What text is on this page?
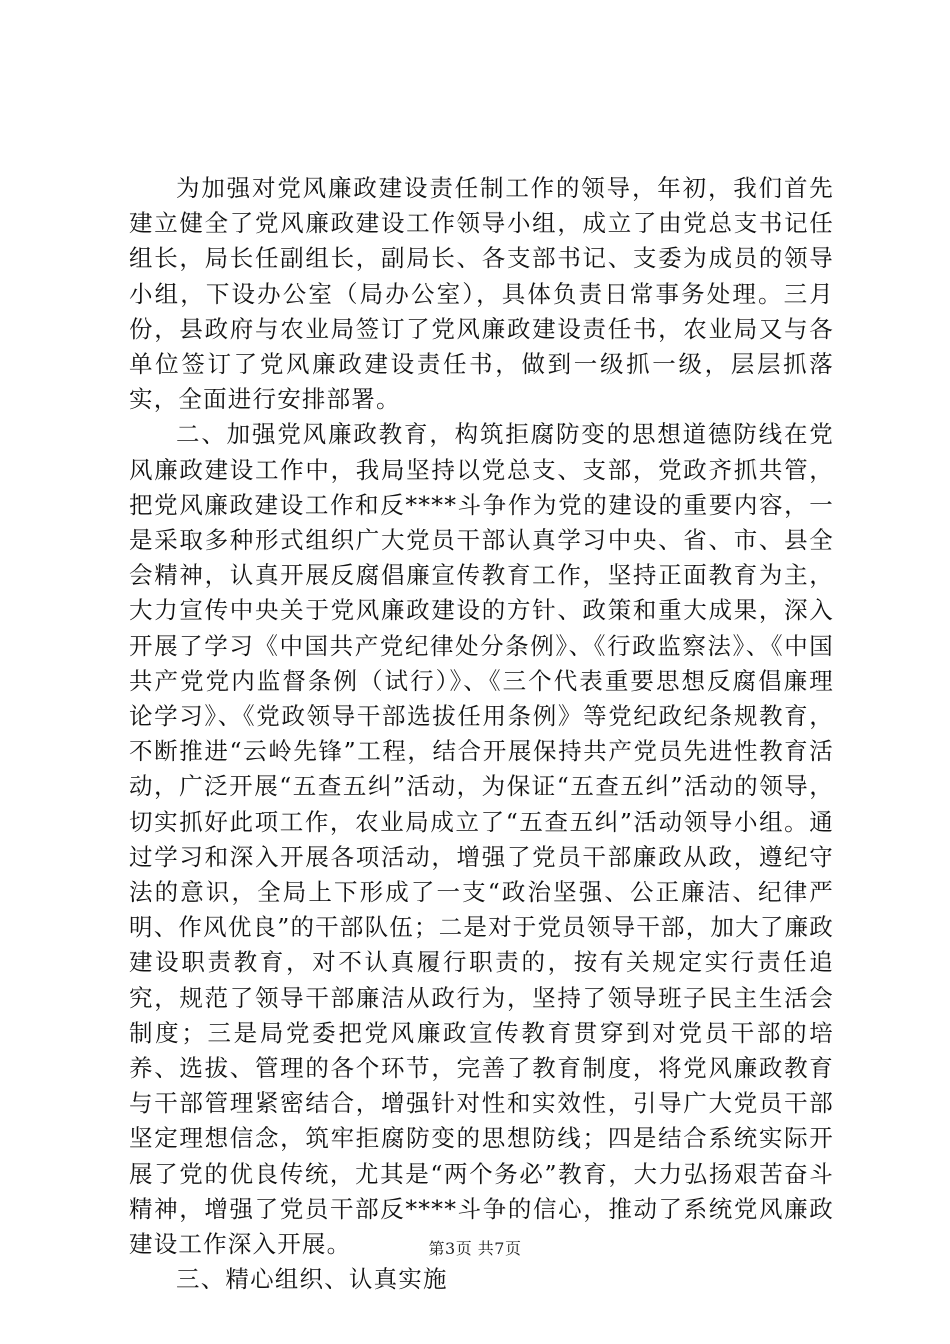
为加强对党风廉政建设责任制工作的领导，年初，我们首先建立健全了党风廉政建设工作领导小组，成立了由党总支书记任组长，局长任副组长，副局长、各支部书记、支委为成员的领导小组，下设办公室（局办公室），具体负责日常事务处理。三月份，县政府与农业局签订了党风廉政建设责任书，农业局又与各单位签订了党风廉政建设责任书，做到一级抓一级，层层抓落实，全面进行安排部署。

二、加强党风廉政教育，构筑拒腐防变的思想道德防线在党风廉政建设工作中，我局坚持以党总支、支部，党政齐抓共管，把党风廉政建设工作和反****斗争作为党的建设的重要内容，一是采取多种形式组织广大党员干部认真学习中央、省、市、县全会精神，认真开展反腐倡廉宣传教育工作，坚持正面教育为主，大力宣传中央关于党风廉政建设的方针、政策和重大成果，深入开展了学习《中国共产党纪律处分条例》、《行政监察法》、《中国共产党党内监督条例（试行）》、《三个代表重要思想反腐倡廉理论学习》、《党政领导干部选拔任用条例》等党纪政纪条规教育，不断推进“云岭先锋”工程，结合开展保持共产党员先进性教育活动，广泛开展“五查五纠”活动，为保证“五查五纠”活动的领导，切实抓好此项工作，农业局成立了“五查五纠”活动领导小组。通过学习和深入开展各项活动，增强了党员干部廉政从政，遵纪守法的意识，全局上下形成了一支“政治坚强、公正廉洁、纪律严明、作风优良”的干部队伍；二是对于党员领导干部，加大了廉政建设职责教育，对不认真履行职责的，按有关规定实行责任追究，规范了领导干部廉洁从政行为，坚持了领导班子民主生活会制度；三是局党委把党风廉政宣传教育贯穿到对党员干部的培养、选拔、管理的各个环节，完善了教育制度，将党风廉政教育与干部管理紧密结合，增强针对性和实效性，引导广大党员干部坚定理想信念，筑牢拒腐防变的思想防线；四是结合系统实际开展了党的优良传统，尤其是“两个务必”教育，大力弘扬艰苦奋斗精神，增强了党员干部反****斗争的信心，推动了系统党风廉政建设工作深入开展。

三、精心组织、认真实施

第3页 共7页
